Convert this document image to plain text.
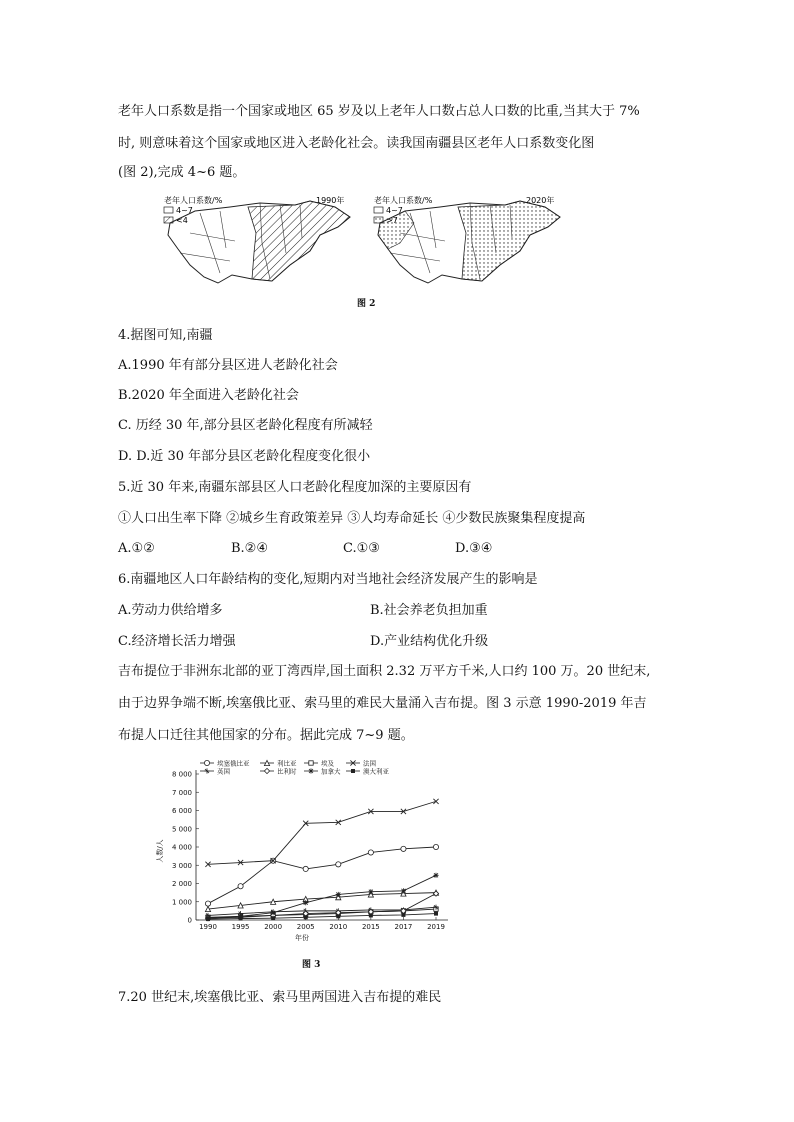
老年人口系数是指一个国家或地区 65 岁及以上老年人口数占总人口数的比重,当其大于 7%
时, 则意味着这个国家或地区进入老龄化社会。读我国南疆县区老年人口系数变化图
(图 2),完成 4~6 题。
老年人口系数/%	1990年
4~7
<4
老年人口系数/%	2020年
4~7
>7
图 2
4.据图可知,南疆
A.1990 年有部分县区进人老龄化社会
B.2020 年全面进入老龄化社会
C. 历经 30 年,部分县区老龄化程度有所减轻
D. D.近 30 年部分县区老龄化程度变化很小
5.近 30 年来,南疆东部县区人口老龄化程度加深的主要原因有
①人口出生率下降 ②城乡生育政策差异 ③人均寿命延长 ④少数民族聚集程度提高
A.①②	B.②④	C.①③	D.③④
6.南疆地区人口年龄结构的变化,短期内对当地社会经济发展产生的影响是
A.劳动力供给增多	B.社会养老负担加重
C.经济增长活力增强	D.产业结构优化升级
吉布提位于非洲东北部的亚丁湾西岸,国土面积 2.32 万平方千米,人口约 100 万。20 世纪末,
由于边界争端不断,埃塞俄比亚、索马里的难民大量涌入吉布提。图 3 示意 1990-2019 年吉
布提人口迁往其他国家的分布。据此完成 7~9 题。
0
1 000
2 000
3 000
4 000
5 000
6 000
7 000
8 000
1990 1995 2000 2005 2010 2015 2017 2019
年份
人数/人
埃塞俄比亚	利比亚	埃及	法国
英国	比利时	加拿大	澳大利亚
图 3
7.20 世纪末,埃塞俄比亚、索马里两国进入吉布提的难民
